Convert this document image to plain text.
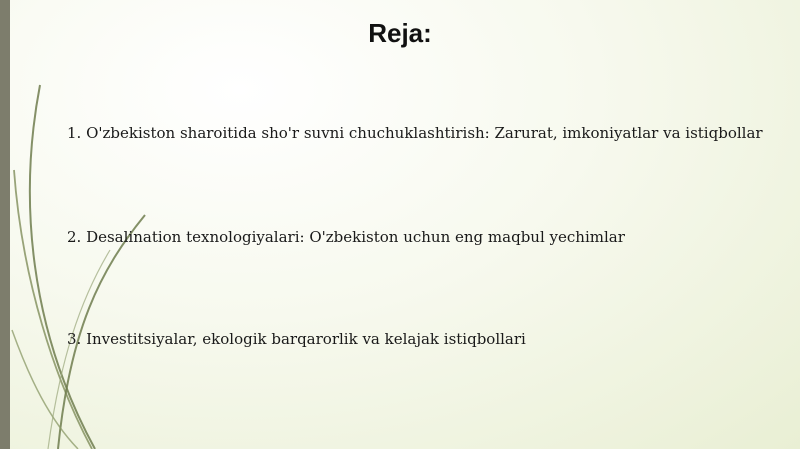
Reja:

1. O'zbekiston sharoitida sho'r suvni chuchuklashtirish: Zarurat, imkoniyatlar va istiqbollar

2. Desalination texnologiyalari: O'zbekiston uchun eng maqbul yechimlar

3. Investitsiyalar, ekologik barqarorlik va kelajak istiqbollari
